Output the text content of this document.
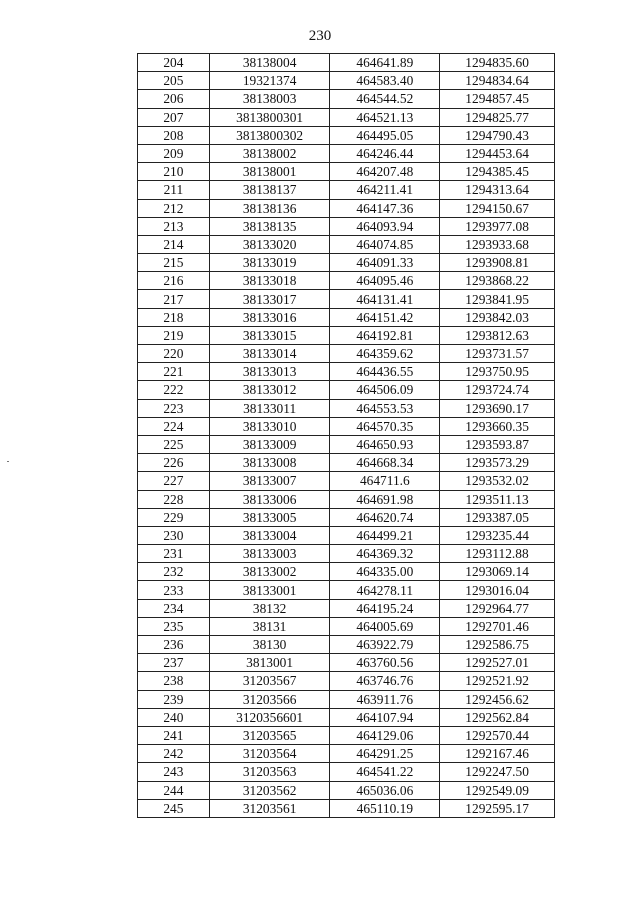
230
204	38138004	464641.89	1294835.60
205	19321374	464583.40	1294834.64
206	38138003	464544.52	1294857.45
207	3813800301	464521.13	1294825.77
208	3813800302	464495.05	1294790.43
209	38138002	464246.44	1294453.64
210	38138001	464207.48	1294385.45
211	38138137	464211.41	1294313.64
212	38138136	464147.36	1294150.67
213	38138135	464093.94	1293977.08
214	38133020	464074.85	1293933.68
215	38133019	464091.33	1293908.81
216	38133018	464095.46	1293868.22
217	38133017	464131.41	1293841.95
218	38133016	464151.42	1293842.03
219	38133015	464192.81	1293812.63
220	38133014	464359.62	1293731.57
221	38133013	464436.55	1293750.95
222	38133012	464506.09	1293724.74
223	38133011	464553.53	1293690.17
224	38133010	464570.35	1293660.35
225	38133009	464650.93	1293593.87
226	38133008	464668.34	1293573.29
227	38133007	464711.6	1293532.02
228	38133006	464691.98	1293511.13
229	38133005	464620.74	1293387.05
230	38133004	464499.21	1293235.44
231	38133003	464369.32	1293112.88
232	38133002	464335.00	1293069.14
233	38133001	464278.11	1293016.04
234	38132	464195.24	1292964.77
235	38131	464005.69	1292701.46
236	38130	463922.79	1292586.75
237	3813001	463760.56	1292527.01
238	31203567	463746.76	1292521.92
239	31203566	463911.76	1292456.62
240	3120356601	464107.94	1292562.84
241	31203565	464129.06	1292570.44
242	31203564	464291.25	1292167.46
243	31203563	464541.22	1292247.50
244	31203562	465036.06	1292549.09
245	31203561	465110.19	1292595.17
